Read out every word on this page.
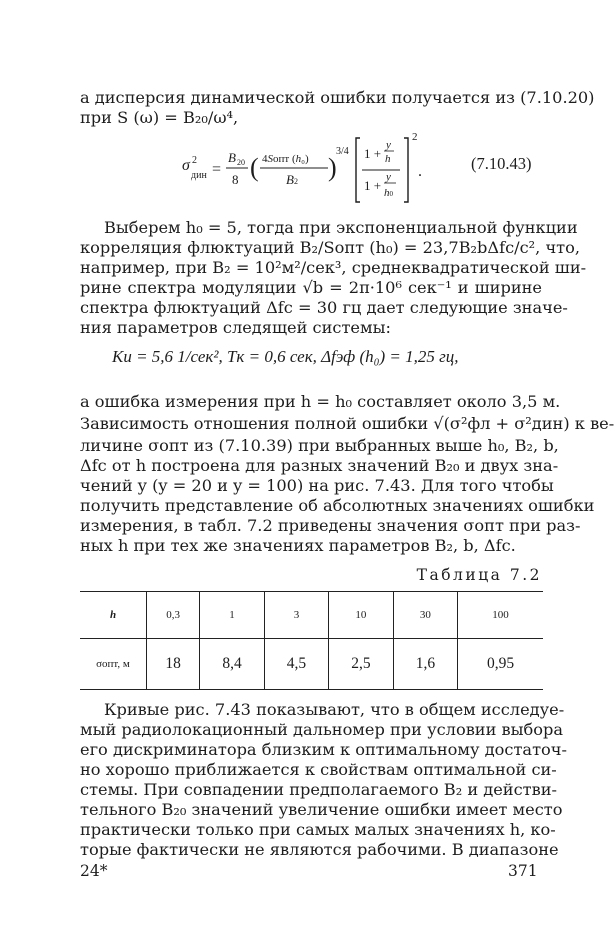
а дисперсия динамической ошибки получается из (7.10.20)
при S (ω) = B₂₀/ω⁴,
σ 2
дин =
B 20
8 ( 4Sопт (h₀)
B2 )
3/4 1 +
y
h
1 +
y
h0
2
.	(7.10.43)
Выберем h₀ = 5, тогда при экспоненциальной функции
корреляция флюктуаций B₂/Sопт (h₀) = 23,7B₂bΔfс/c², что,
например, при B₂ = 10²м²/сек³, среднеквадратической ши-
рине спектра модуляции √b = 2π·10⁶ сек⁻¹ и ширине
спектра флюктуаций Δfс = 30 гц дает следующие значе-
ния параметров следящей системы:
Kи = 5,6 1/сек², Tк = 0,6 сек, Δfэф (h₀) = 1,25 гц,
а ошибка измерения при h = h₀ составляет около 3,5 м.
Зависимость отношения полной ошибки √(σ²фл + σ²дин) к ве-
личине σопт из (7.10.39) при выбранных выше h₀, B₂, b,
Δfс от h построена для разных значений B₂₀ и двух зна-
чений y (y = 20 и y = 100) на рис. 7.43. Для того чтобы
получить представление об абсолютных значениях ошибки
измерения, в табл. 7.2 приведены значения σопт при раз-
ных h при тех же значениях параметров B₂, b, Δfс.
Таблица 7.2
h	0,3	1	3	10	30	100
σопт, м	18	8,4	4,5	2,5	1,6	0,95
Кривые рис. 7.43 показывают, что в общем исследуе-
мый радиолокационный дальномер при условии выбора
его дискриминатора близким к оптимальному достаточ-
но хорошо приближается к свойствам оптимальной си-
стемы. При совпадении предполагаемого B₂ и действи-
тельного B₂₀ значений увеличение ошибки имеет место
практически только при самых малых значениях h, ко-
торые фактически не являются рабочими. В диапазоне
24*	371
